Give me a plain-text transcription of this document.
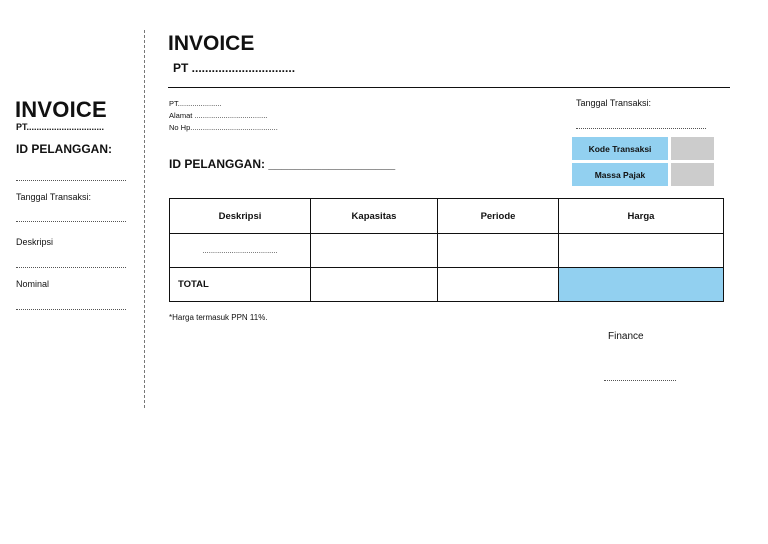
INVOICE
PT...............................
ID PELANGGAN:
Tanggal Transaksi:
Deskripsi
Nominal
INVOICE
PT ...............................
PT.....................
Alamat ...................................
No Hp..........................................
ID PELANGGAN: ___________________
Tanggal Transaksi:
Kode Transaksi
Massa Pajak
Deskripsi	Kapasitas	Periode	Harga
....................................			
TOTAL			
*Harga termasuk PPN 11%.
Finance
